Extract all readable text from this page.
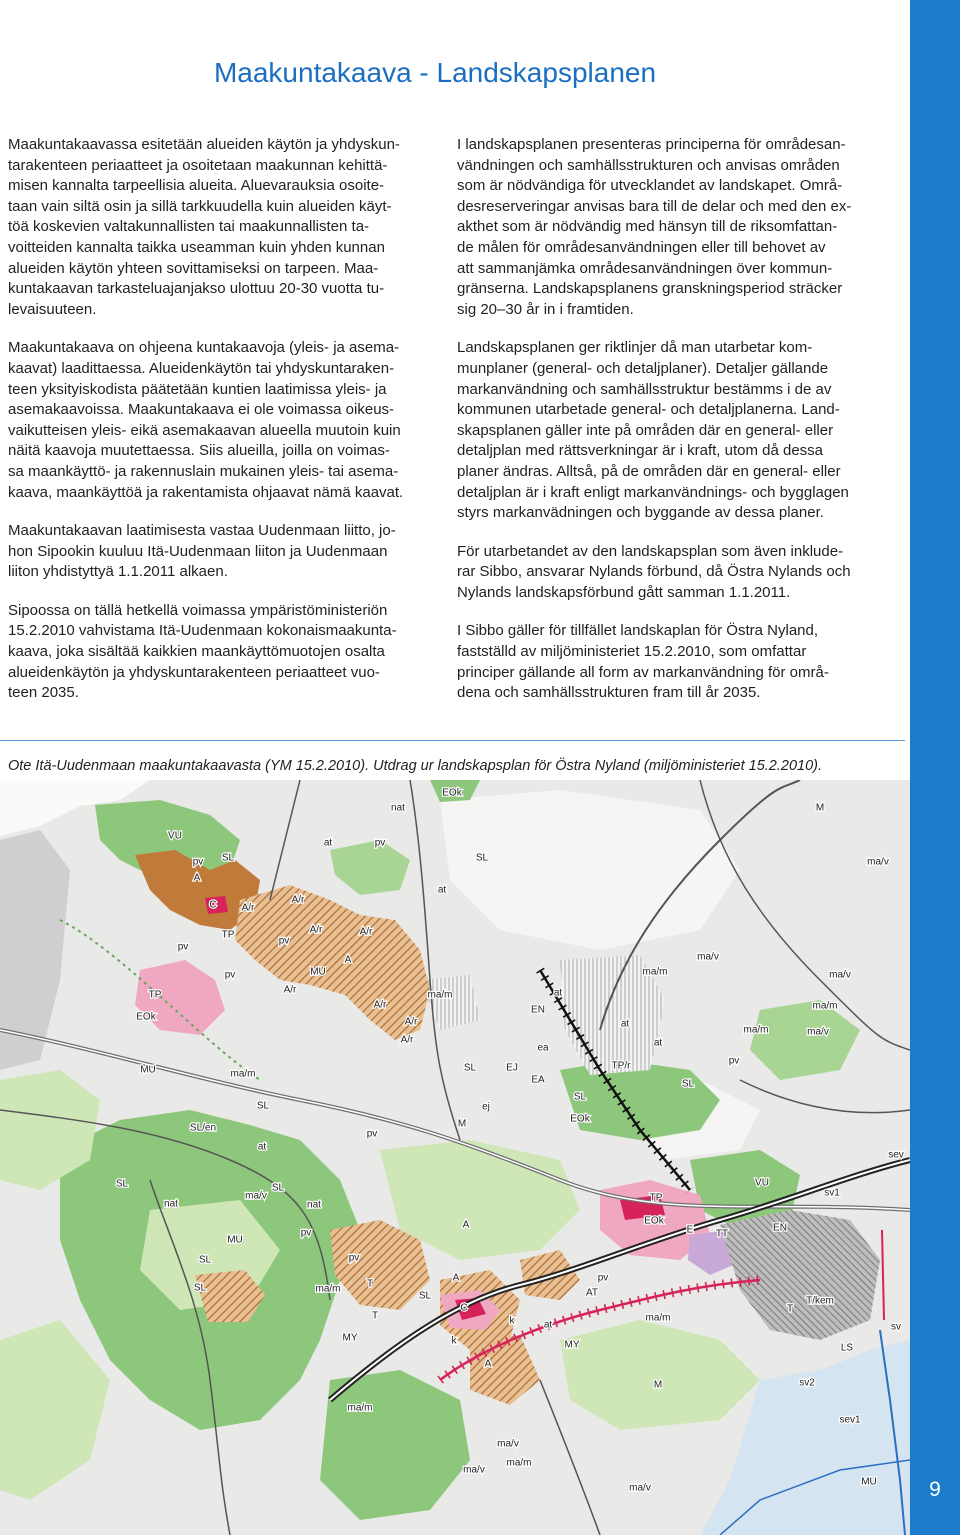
Maakuntakaava - Landskapsplanen

Maakuntakaavassa esitetään alueiden käytön ja yhdyskun-
tarakenteen periaatteet ja osoitetaan maakunnan kehittä-
misen kannalta tarpeellisia alueita. Aluevarauksia osoite-
taan vain siltä osin ja sillä tarkkuudella kuin alueiden käyt-
töä koskevien valtakunnallisten tai maakunnallisten ta-
voitteiden kannalta taikka useamman kuin yhden kunnan
alueiden käytön yhteen sovittamiseksi on tarpeen. Maa-
kuntakaavan tarkasteluajanjakso ulottuu 20-30 vuotta tu-
levaisuuteen.

Maakuntakaava on ohjeena kuntakaavoja (yleis- ja asema-
kaavat) laadittaessa. Alueidenkäytön tai yhdyskuntaraken-
teen yksityiskodista päätetään kuntien laatimissa yleis- ja
asemakaavoissa. Maakuntakaava ei ole voimassa oikeus-
vaikutteisen yleis- eikä asemakaavan alueella muutoin kuin
näitä kaavoja muutettaessa. Siis alueilla, joilla on voimas-
sa maankäyttö- ja rakennuslain mukainen yleis- tai asema-
kaava, maankäyttöä ja rakentamista ohjaavat nämä kaavat.

Maakuntakaavan laatimisesta vastaa Uudenmaan liitto, jo-
hon Sipookin kuuluu Itä-Uudenmaan liiton ja Uudenmaan
liiton yhdistyttyä 1.1.2011 alkaen.

Sipoossa on tällä hetkellä voimassa ympäristöministeriön
15.2.2010 vahvistama Itä-Uudenmaan kokonaismaakunta-
kaava, joka sisältää kaikkien maankäyttömuotojen osalta
alueidenkäytön ja yhdyskuntarakenteen periaatteet vuo-
teen 2035.

I landskapsplanen presenteras principerna för områdesan-
vändningen och samhällsstrukturen och anvisas områden
som är nödvändiga för utvecklandet av landskapet. Områ-
desreserveringar anvisas bara till de delar och med den ex-
akthet som är nödvändig med hänsyn till de riksomfattan-
de målen för områdesanvändningen eller till behovet av
att sammanjämka områdesanvändningen över kommun-
gränserna. Landskapsplanens granskningsperiod sträcker
sig 20–30 år in i framtiden.

Landskapsplanen ger riktlinjer då man utarbetar kom-
munplaner (general- och detaljplaner). Detaljer gällande
markanvändning och samhällsstruktur bestämms i de av
kommunen utarbetade general- och detaljplanerna. Land-
skapsplanen gäller inte på områden där en general- eller
detaljplan med rättsverkningar är i kraft, utom då dessa
planer ändras. Alltså, på de områden där en general- eller
detaljplan är i kraft enligt markanvändnings- och bygglagen
styrs markanvädningen och byggande av dessa planer.

För utarbetandet av den landskapsplan som även inklude-
rar Sibbo, ansvarar Nylands förbund, då Östra Nylands och
Nylands landskapsförbund gått samman 1.1.2011.

I Sibbo gäller för tillfället landskaplan för Östra Nyland,
fastställd av miljöministeriet 15.2.2010, som omfattar
principer gällande all form av markanvändning för områ-
dena och samhällsstrukturen fram till år 2035.

Ote Itä-Uudenmaan maakuntakaavasta (YM 15.2.2010). Utdrag ur landskapsplan för Östra Nyland (miljöministeriet 15.2.2010).
nat
EOk
M
VU
at	pv
pv SL
A
SL	ma/v
at
C A/r
A/r
TP
pv
A/r	A/r
pv
A
pv	MU
ma/v
ma/m	ma/v
TP	A/r
A/r
at
ma/m
at
EOk
ma/m
ma/v
EN
A/r
at
ma/m
MU	ma/m
A/r
SL	EJ
ea
TP/r	pv
EA
SL
SL
SL
ej
M	EOk
SL/en
pv
at
sev
SL
ma/v
SL	VU
sv1
nat	nat
TP
EOk
E TT
EN
A
pv
MU
SL	pv
pv
A
T
ma/m
SL	AT
SL	T/kem
T
C
T	ma/m
k	at	sv
MY	k	MY	LS
A
sv2
M
ma/m
sev1
ma/v
ma/m
ma/v
ma/v
MU	9
